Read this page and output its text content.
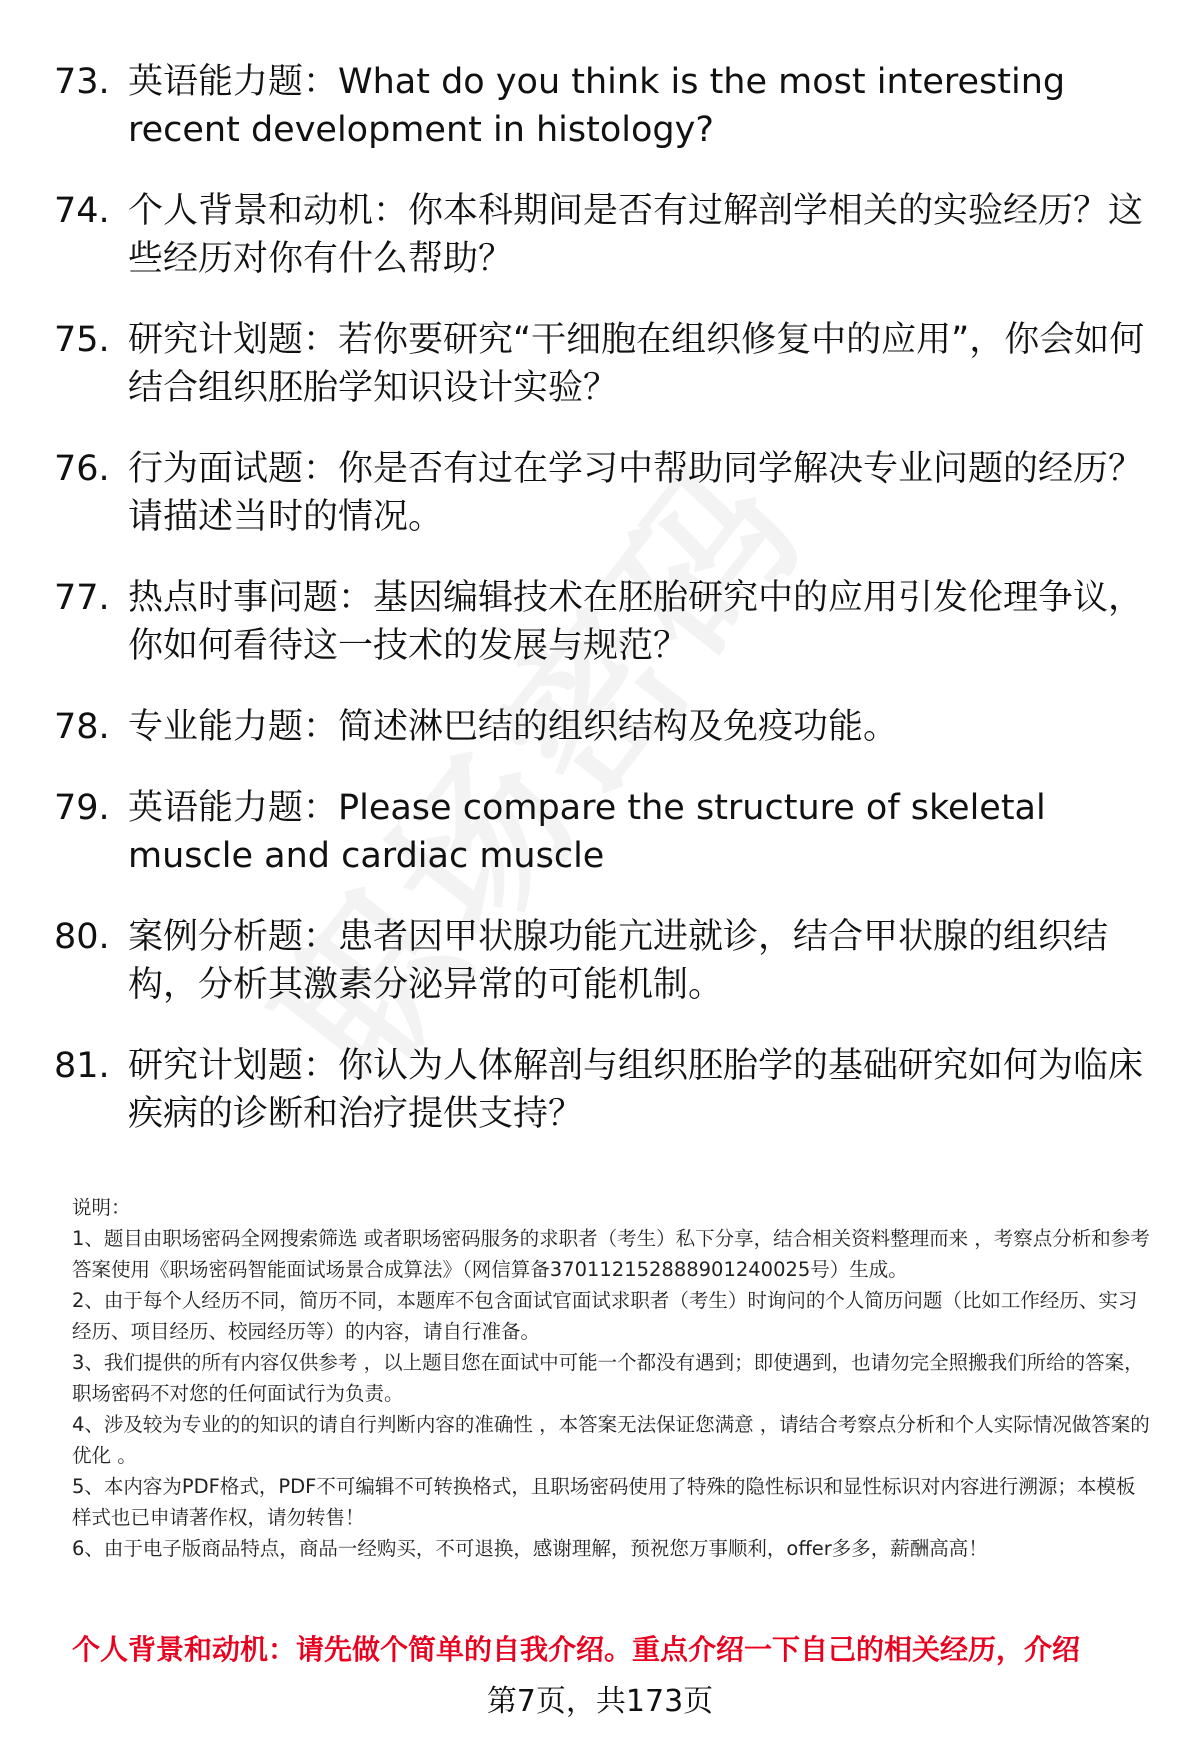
73. 英语能力题：What do you think is the most interesting recent development in histology?
74. 个人背景和动机：你本科期间是否有过解剖学相关的实验经历？这些经历对你有什么帮助？
75. 研究计划题：若你要研究“干细胞在组织修复中的应用”，你会如何结合组织胚胎学知识设计实验？
76. 行为面试题：你是否有过在学习中帮助同学解决专业问题的经历？请描述当时的情况。
77. 热点时事问题：基因编辑技术在胚胎研究中的应用引发伦理争议，你如何看待这一技术的发展与规范？
78. 专业能力题：简述淋巴结的组织结构及免疫功能。
79. 英语能力题：Please compare the structure of skeletal muscle and cardiac muscle
80. 案例分析题：患者因甲状腺功能亢进就诊，结合甲状腺的组织结构，分析其激素分泌异常的可能机制。
81. 研究计划题：你认为人体解剖与组织胚胎学的基础研究如何为临床疾病的诊断和治疗提供支持？

说明：

1、题目由职场密码全网搜索筛选 或者职场密码服务的求职者（考生）私下分享，结合相关资料整理而来 ，考察点分析和参考答案使用《职场密码智能面试场景合成算法》（网信算备370112152888901240025号）生成。

2、由于每个人经历不同，简历不同，本题库不包含面试官面试求职者（考生）时询问的个人简历问题（比如工作经历、实习经历、项目经历、校园经历等）的内容，请自行准备。

3、我们提供的所有内容仅供参考 ，以上题目您在面试中可能一个都没有遇到；即使遇到，也请勿完全照搬我们所给的答案，职场密码不对您的任何面试行为负责。

4、涉及较为专业的的知识的请自行判断内容的准确性 ，本答案无法保证您满意 ，请结合考察点分析和个人实际情况做答案的优化 。

5、本内容为PDF格式，PDF不可编辑不可转换格式，且职场密码使用了特殊的隐性标识和显性标识对内容进行溯源；本模板样式也已申请著作权，请勿转售！

6、由于电子版商品特点，商品一经购买，不可退换，感谢理解，预祝您万事顺利，offer多多，薪酬高高！

个人背景和动机：请先做个简单的自我介绍。重点介绍一下自己的相关经历，介绍
第7页，共173页
